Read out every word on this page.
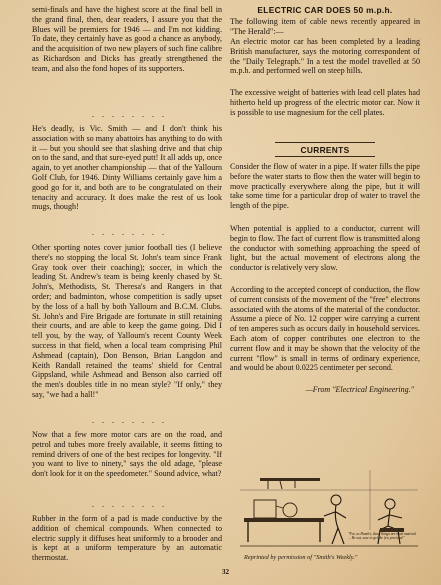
semi-finals and have the highest score at the final bell in the grand final, then, dear readers, I assure you that the Blues will be premiers for 1946 — and I'm not kidding. To date, they certainly have as good a chance as anybody, and the acquisition of two new players of such fine calibre as Richardson and Dicks has greatly strengthened the team, and also the fond hopes of its supporters.

. . . . . . . .

He's deadly, is Vic. Smith — and I don't think his association with so many abattoirs has anything to do with it — but you should see that slashing drive and that chip on to the sand, and that sure-eyed putt! It all adds up, once again, to yet another championship — that of the Yallourn Golf Club, for 1946. Dinty Williams certainly gave him a good go for it, and both are to be congratulated on their tenacity and accuracy. It does make the rest of us look mugs, though!

. . . . . . . .

Other sporting notes cover junior football ties (I believe there's no stopping the local St. John's team since Frank Gray took over their coaching); soccer, in which the leading St. Andrew's team is being keenly chased by St. John's, Methodists, St. Theresa's and Rangers in that order; and badminton, whose competition is sadly upset by the loss of a hall by both Yallourn and B.C.M. Clubs. St. John's and Fire Brigade are fortunate in still retaining their courts, and are able to keep the game going. Did I tell you, by the way, of Yallourn's recent County Week success in that field, when a local team comprising Phil Ashmead (captain), Don Benson, Brian Langdon and Keith Randall retained the teams' shield for Central Gippsland, while Ashmead and Benson also carried off the men's doubles title in no mean style? "If only," they say, "we had a hall!"

. . . . . . . .

Now that a few more motor cars are on the road, and petrol and tubes more freely available, it seems fitting to remind drivers of one of the best recipes for longevity. "If you want to live to ninety," says the old adage, "please don't look for it on the speedometer." Sound advice, what?

. . . . . . . .

Rubber in the form of a pad is made conductive by the addition of chemical compounds. When connected to electric supply it diffuses heat uniformly to a brooder and is kept at a uniform temperature by an automatic thermostat.

ELECTRIC CAR DOES 50 m.p.h.

The following item of cable news recently appeared in "The Herald":—

An electric motor car has been completed by a leading British manufacturer, says the motoring correspondent of the "Daily Telegraph." In a test the model travelled at 50 m.p.h. and performed well on steep hills.

The excessive weight of batteries with lead cell plates had hitherto held up progress of the electric motor car. Now it is possible to use magnesium for the cell plates.

CURRENTS

Consider the flow of water in a pipe. If water fills the pipe before the water starts to flow then the water will begin to move practically everywhere along the pipe, but it will take some time for a particular drop of water to travel the length of the pipe.

When potential is applied to a conductor, current will begin to flow. The fact of current flow is transmitted along the conductor with something approaching the speed of light, but the actual movement of electrons along the conductor is relatively very slow.

According to the accepted concept of conduction, the flow of current consists of the movement of the "free" electrons associated with the atoms of the material of the conductor. Assume a piece of No. 12 copper wire carrying a current of ten amperes such as occurs daily in household services. Each atom of copper contributes one electron to the current flow and it may be shown that the velocity of the current "flow" is small in terms of ordinary experience, and would be about 0.0225 centimeter per second.

—From "Electrical Engineering."
"For, as Hamlet, these things are most material ... Be out, sure to get the few precious!"
Reprinted by permission of "Smith's Weekly."
32
